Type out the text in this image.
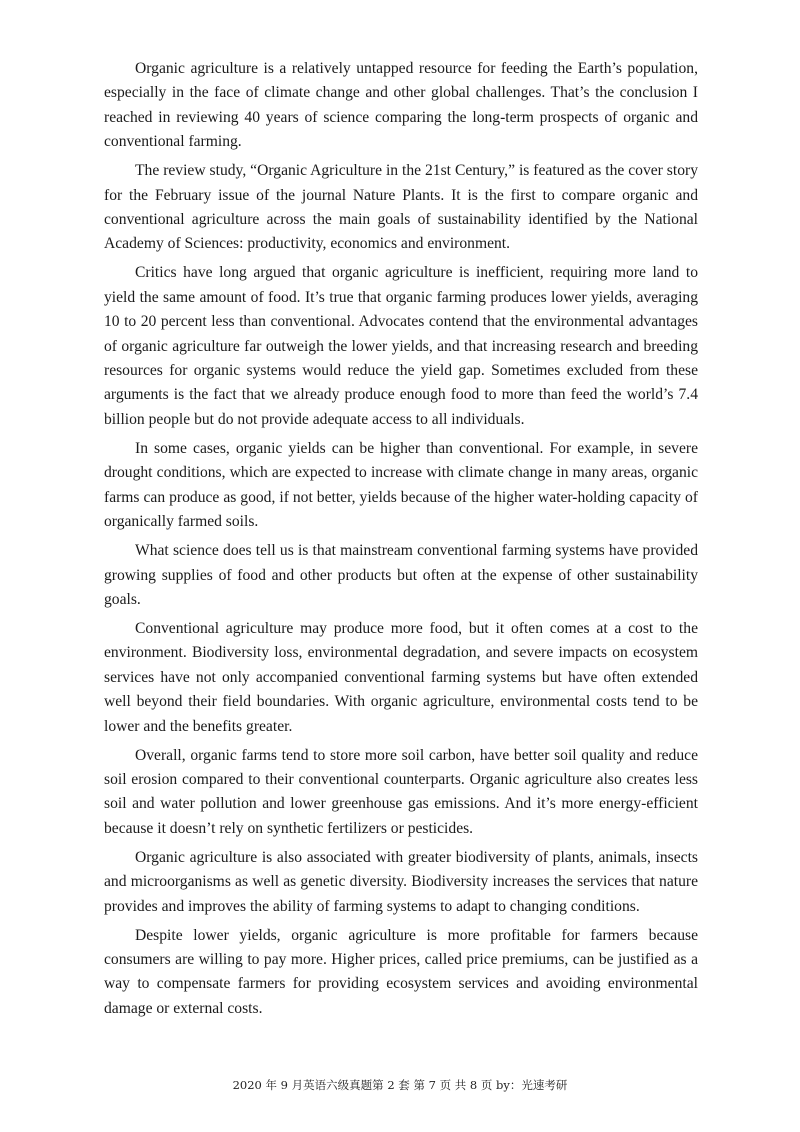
Organic agriculture is a relatively untapped resource for feeding the Earth’s population, especially in the face of climate change and other global challenges. That’s the conclusion I reached in reviewing 40 years of science comparing the long-term prospects of organic and conventional farming.

The review study, “Organic Agriculture in the 21st Century,” is featured as the cover story for the February issue of the journal Nature Plants. It is the first to compare organic and conventional agriculture across the main goals of sustainability identified by the National Academy of Sciences: productivity, economics and environment.

Critics have long argued that organic agriculture is inefficient, requiring more land to yield the same amount of food. It’s true that organic farming produces lower yields, averaging 10 to 20 percent less than conventional. Advocates contend that the environmental advantages of organic agriculture far outweigh the lower yields, and that increasing research and breeding resources for organic systems would reduce the yield gap. Sometimes excluded from these arguments is the fact that we already produce enough food to more than feed the world’s 7.4 billion people but do not provide adequate access to all individuals.

In some cases, organic yields can be higher than conventional. For example, in severe drought conditions, which are expected to increase with climate change in many areas, organic farms can produce as good, if not better, yields because of the higher water-holding capacity of organically farmed soils.

What science does tell us is that mainstream conventional farming systems have provided growing supplies of food and other products but often at the expense of other sustainability goals.

Conventional agriculture may produce more food, but it often comes at a cost to the environment. Biodiversity loss, environmental degradation, and severe impacts on ecosystem services have not only accompanied conventional farming systems but have often extended well beyond their field boundaries. With organic agriculture, environmental costs tend to be lower and the benefits greater.

Overall, organic farms tend to store more soil carbon, have better soil quality and reduce soil erosion compared to their conventional counterparts. Organic agriculture also creates less soil and water pollution and lower greenhouse gas emissions. And it’s more energy-efficient because it doesn’t rely on synthetic fertilizers or pesticides.

Organic agriculture is also associated with greater biodiversity of plants, animals, insects and microorganisms as well as genetic diversity. Biodiversity increases the services that nature provides and improves the ability of farming systems to adapt to changing conditions.

Despite lower yields, organic agriculture is more profitable for farmers because consumers are willing to pay more. Higher prices, called price premiums, can be justified as a way to compensate farmers for providing ecosystem services and avoiding environmental damage or external costs.

2020 年 9 月英语六级真题第 2 套 第 7 页 共 8 页 by：光速考研
